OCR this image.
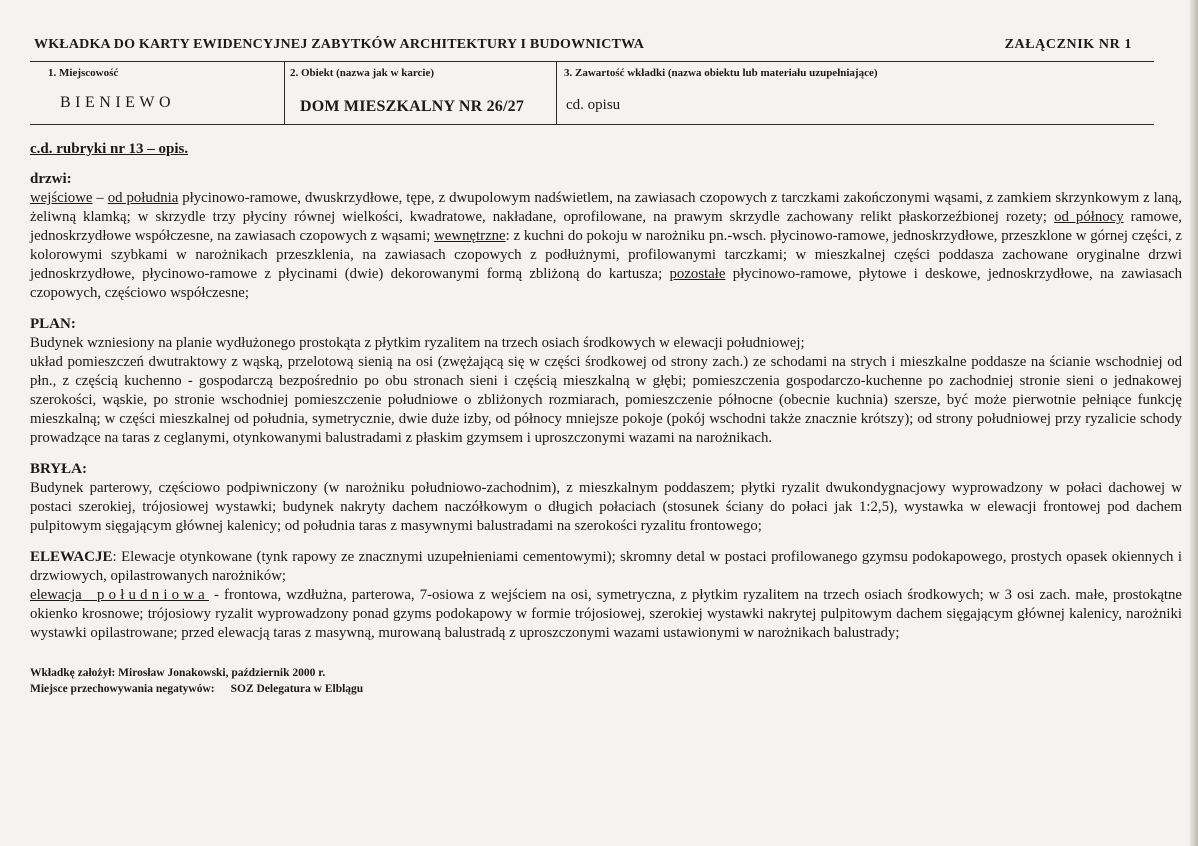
WKŁADKA DO KARTY EWIDENCYJNEJ ZABYTKÓW ARCHITEKTURY I BUDOWNICTWA	ZAŁĄCZNIK NR 1
1. Miejscowość
BIENIEWO
2. Obiekt (nazwa jak w karcie)
DOM MIESZKALNY NR 26/27
3. Zawartość wkładki (nazwa obiektu lub materiału uzupełniające)
cd. opisu
c.d. rubryki nr 13 – opis.
drzwi:
wejściowe – od południa płycinowo-ramowe, dwuskrzydłowe, tępe, z dwupolowym nadświetlem, na zawiasach czopowych z tarczkami zakończonymi wąsami, z zamkiem skrzynkowym z laną, żeliwną klamką; w skrzydle trzy płyciny równej wielkości, kwadratowe, nakładane, oprofilowane, na prawym skrzydle zachowany relikt płaskorzeźbionej rozety; od północy ramowe, jednoskrzydłowe współczesne, na zawiasach czopowych z wąsami; wewnętrzne: z kuchni do pokoju w narożniku pn.-wsch. płycinowo-ramowe, jednoskrzydłowe, przeszklone w górnej części, z kolorowymi szybkami w narożnikach przeszklenia, na zawiasach czopowych z podłużnymi, profilowanymi tarczkami; w mieszkalnej części poddasza zachowane oryginalne drzwi jednoskrzydłowe, płycinowo-ramowe z płycinami (dwie) dekorowanymi formą zbliżoną do kartusza; pozostałe płycinowo-ramowe, płytowe i deskowe, jednoskrzydłowe, na zawiasach czopowych, częściowo współczesne;
PLAN:
Budynek wzniesiony na planie wydłużonego prostokąta z płytkim ryzalitem na trzech osiach środkowych w elewacji południowej;
układ pomieszczeń dwutraktowy z wąską, przelotową sienią na osi (zwężającą się w części środkowej od strony zach.) ze schodami na strych i mieszkalne poddasze na ścianie wschodniej od płn., z częścią kuchenno - gospodarczą bezpośrednio po obu stronach sieni i częścią mieszkalną w głębi; pomieszczenia gospodarczo-kuchenne po zachodniej stronie sieni o jednakowej szerokości, wąskie, po stronie wschodniej pomieszczenie południowe o zbliżonych rozmiarach, pomieszczenie północne (obecnie kuchnia) szersze, być może pierwotnie pełniące funkcję mieszkalną; w części mieszkalnej od południa, symetrycznie, dwie duże izby, od północy mniejsze pokoje (pokój wschodni także znacznie krótszy); od strony południowej przy ryzalicie schody prowadzące na taras z ceglanymi, otynkowanymi balustradami z płaskim gzymsem i uproszczonymi wazami na narożnikach.
BRYŁA:
Budynek parterowy, częściowo podpiwniczony (w narożniku południowo-zachodnim), z mieszkalnym poddaszem; płytki ryzalit dwukondygnacjowy wyprowadzony w połaci dachowej w postaci szerokiej, trójosiowej wystawki; budynek nakryty dachem naczółkowym o długich połaciach (stosunek ściany do połaci jak 1:2,5), wystawka w elewacji frontowej pod dachem pulpitowym sięgającym głównej kalenicy; od południa taras z masywnymi balustradami na szerokości ryzalitu frontowego;
ELEWACJE: Elewacje otynkowane (tynk rapowy ze znacznymi uzupełnieniami cementowymi); skromny detal w postaci profilowanego gzymsu podokapowego, prostych opasek okiennych i drzwiowych, opilastrowanych narożników;
elewacja południowa - frontowa, wzdłużna, parterowa, 7-osiowa z wejściem na osi, symetryczna, z płytkim ryzalitem na trzech osiach środkowych; w 3 osi zach. małe, prostokątne okienko krosnowe; trójosiowy ryzalit wyprowadzony ponad gzyms podokapowy w formie trójosiowej, szerokiej wystawki nakrytej pulpitowym dachem sięgającym głównej kalenicy, narożniki wystawki opilastrowane; przed elewacją taras z masywną, murowaną balustradą z uproszczonymi wazami ustawionymi w narożnikach balustrady;
Wkładkę założył: Mirosław Jonakowski, październik 2000 r.
Miejsce przechowywania negatywów: SOZ Delegatura w Elblągu
